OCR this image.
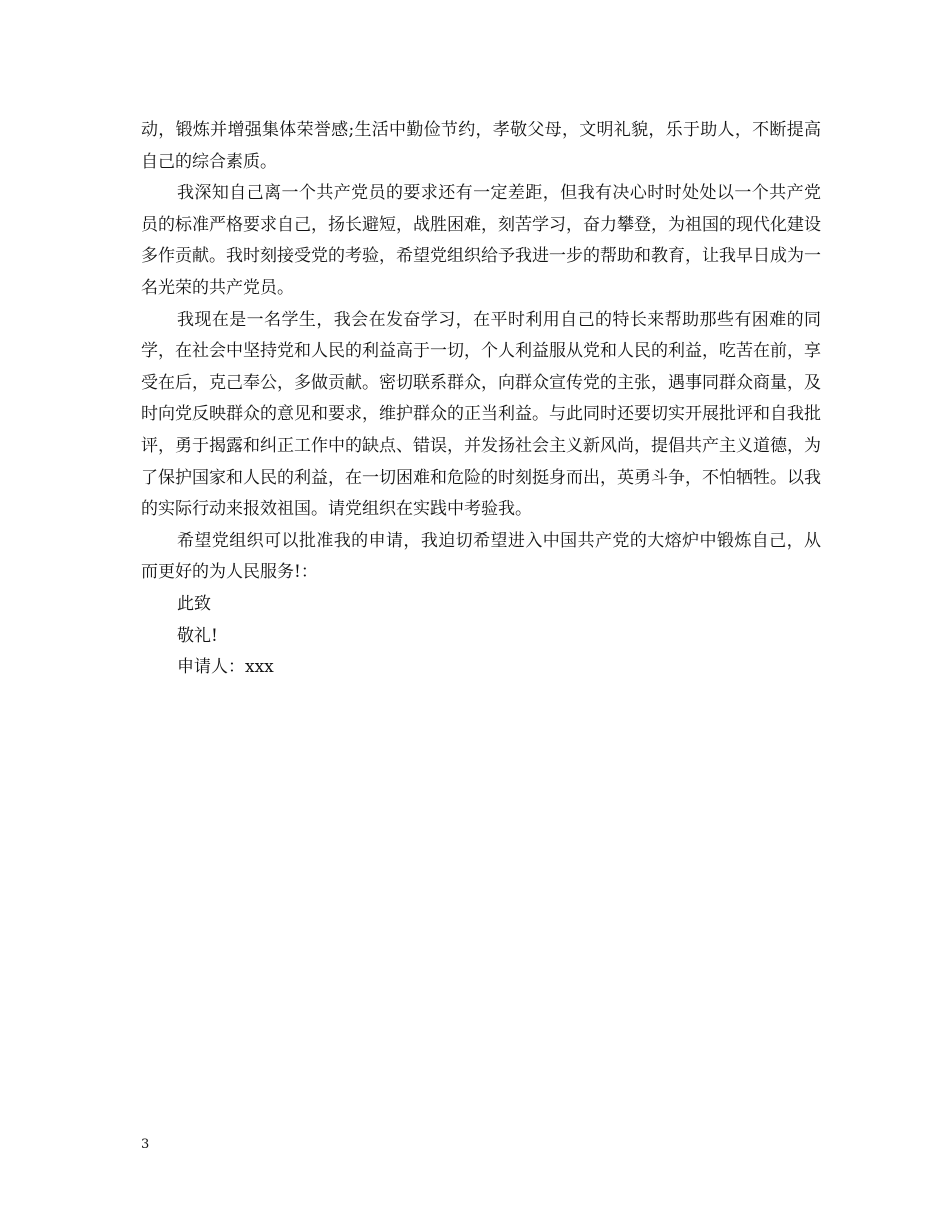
动，锻炼并增强集体荣誉感;生活中勤俭节约，孝敬父母，文明礼貌，乐于助人，不断提高自己的综合素质。

我深知自己离一个共产党员的要求还有一定差距，但我有决心时时处处以一个共产党员的标准严格要求自己，扬长避短，战胜困难，刻苦学习，奋力攀登，为祖国的现代化建设多作贡献。我时刻接受党的考验，希望党组织给予我进一步的帮助和教育，让我早日成为一名光荣的共产党员。

我现在是一名学生，我会在发奋学习，在平时利用自己的特长来帮助那些有困难的同学，在社会中坚持党和人民的利益高于一切，个人利益服从党和人民的利益，吃苦在前，享受在后，克己奉公，多做贡献。密切联系群众，向群众宣传党的主张，遇事同群众商量，及时向党反映群众的意见和要求，维护群众的正当利益。与此同时还要切实开展批评和自我批评，勇于揭露和纠正工作中的缺点、错误，并发扬社会主义新风尚，提倡共产主义道德，为了保护国家和人民的利益，在一切困难和危险的时刻挺身而出，英勇斗争，不怕牺牲。以我的实际行动来报效祖国。请党组织在实践中考验我。

希望党组织可以批准我的申请，我迫切希望进入中国共产党的大熔炉中锻炼自己，从而更好的为人民服务!：

此致

敬礼!

申请人：xxx

3
